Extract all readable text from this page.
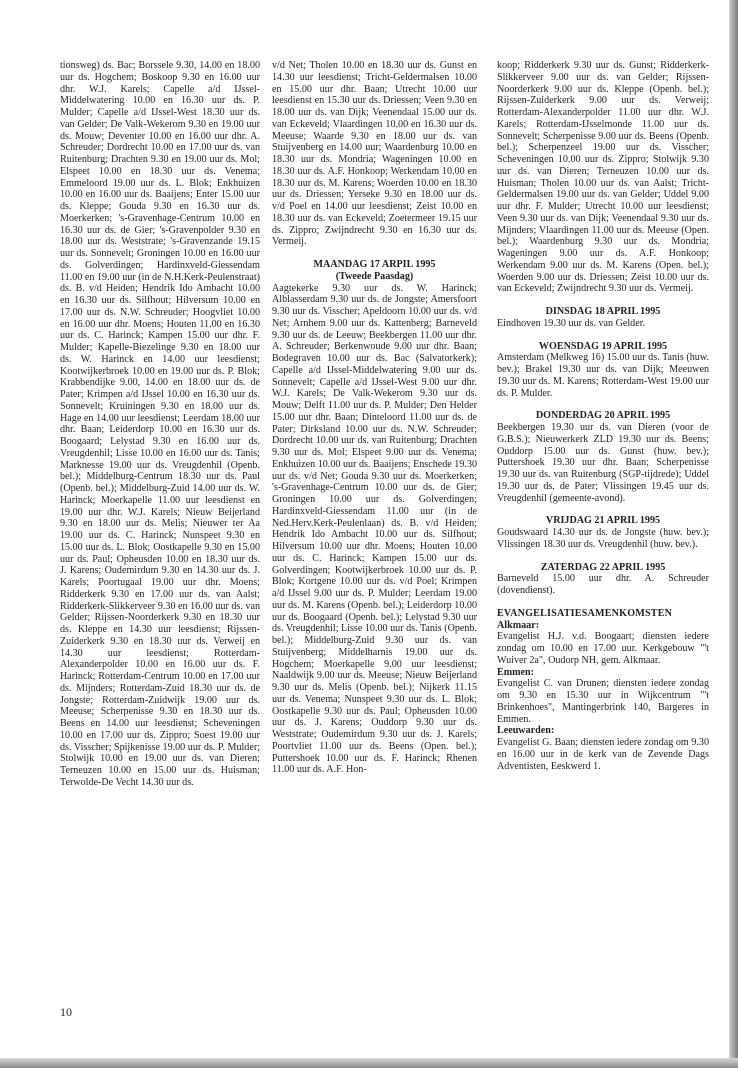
tionsweg) ds. Bac; Borssele 9.30, 14.00 en 18.00 uur ds. Hogchem; Boskoop 9.30 en 16.00 uur dhr. W.J. Karels; Capelle a/d IJssel-Middelwatering 10.00 en 16.30 uur ds. P. Mulder; Capelle a/d IJssel-West 18.30 uur ds. van Gelder; De Valk-Wekerom 9.30 en 19.00 uur ds. Mouw; Deventer 10.00 en 16.00 uur dhr. A. Schreuder; Dordrecht 10.00 en 17.00 uur ds. van Ruitenburg; Drachten 9.30 en 19.00 uur ds. Mol; Elspeet 10.00 en 18.30 uur ds. Venema; Emmeloord 19.00 uur ds. L. Blok; Enkhuizen 10.00 en 16.00 uur ds. Baaijens; Enter 15.00 uur ds. Kleppe; Gouda 9.30 en 16.30 uur ds. Moerkerken; 's-Gravenhage-Centrum 10.00 en 16.30 uur ds. de Gier; 's-Gravenpolder 9.30 en 18.00 uur ds. Weststrate; 's-Gravenzande 19.15 uur ds. Sonnevelt; Groningen 10.00 en 16.00 uur ds. Golverdingen; Hardinxveld-Giessendam 11.00 en 19.00 uur (in de N.H.Kerk-Peulenstraat) ds. B. v/d Heiden; Hendrik Ido Ambacht 10.00 en 16.30 uur ds. Silfhout; Hilversum 10.00 en 17.00 uur ds. N.W. Schreuder; Hoogvliet 10.00 en 16.00 uur dhr. Moens; Houten 11.00 en 16.30 uur ds. C. Harinck; Kampen 15.00 uur dhr. F. Mulder; Kapelle-Biezelinge 9.30 en 18.00 uur ds. W. Harinck en 14.00 uur leesdienst; Kootwijkerbroek 10.00 en 19.00 uur ds. P. Blok; Krabbendijke 9.00, 14.00 en 18.00 uur ds. de Pater; Krimpen a/d IJssel 10.00 en 16.30 uur ds. Sonnevelt; Kruiningen 9.30 en 18.00 uur ds. Hage en 14.00 uur leesdienst; Leerdam 18.00 uur dhr. Baan; Leiderdorp 10.00 en 16.30 uur ds. Boogaard; Lelystad 9.30 en 16.00 uur ds. Vreugdenhil; Lisse 10.00 en 16.00 uur ds. Tanis; Marknesse 19.00 uur ds. Vreugdenhil (Openb. bel.); Middelburg-Centrum 18.30 uur ds. Paul (Openb. bel.); Middelburg-Zuid 14.00 uur ds. W. Harinck; Moerkapelle 11.00 uur leesdienst en 19.00 uur dhr. W.J. Karels; Nieuw Beijerland 9.30 en 18.00 uur ds. Melis; Nieuwer ter Aa 19.00 uur ds. C. Harinck; Nunspeet 9.30 en 15.00 uur ds. L. Blok; Oostkapelle 9.30 en 15.00 uur ds. Paul; Opheusden 10.00 en 18.30 uur ds. J. Karens; Oudemirdum 9.30 en 14.30 uur ds. J. Karels; Poortugaal 19.00 uur dhr. Moens; Ridderkerk 9.30 en 17.00 uur ds. van Aalst; Ridderkerk-Slikkerveer 9.30 en 16.00 uur ds. van Gelder; Rijssen-Noorderkerk 9.30 en 18.30 uur ds. Kleppe en 14.30 uur leesdienst; Rijssen-Zuiderkerk 9.30 en 18.30 uur ds. Verweij en 14.30 uur leesdienst; Rotterdam-Alexanderpolder 10.00 en 16.00 uur ds. F. Harinck; Rotterdam-Centrum 10.00 en 17.00 uur ds. Mijnders; Rotterdam-Zuid 18.30 uur ds. de Jongste; Rotterdam-Zuidwijk 19.00 uur ds. Meeuse; Scherpenisse 9.30 en 18.30 uur ds. Beens en 14.00 uur leesdienst; Scheveningen 10.00 en 17.00 uur ds. Zippro; Soest 19.00 uur ds. Visscher; Spijkenisse 19.00 uur ds. P. Mulder; Stolwijk 10.00 en 19.00 uur ds. van Dieren; Terneuzen 10.00 en 15.00 uur ds. Huisman; Terwolde-De Vecht 14.30 uur ds.

v/d Net; Tholen 10.00 en 18.30 uur ds. Gunst en 14.30 uur leesdienst; Tricht-Geldermalsen 10.00 en 15.00 uur dhr. Baan; Utrecht 10.00 uur leesdienst en 15.30 uur ds. Driessen; Veen 9.30 en 18.00 uur ds. van Dijk; Veenendaal 15.00 uur ds. van Eckeveld; Vlaardingen 10.00 en 16.30 uur ds. Meeuse; Waarde 9.30 en 18.00 uur ds. van Stuijvenberg en 14.00 uur; Waardenburg 10.00 en 18.30 uur ds. Mondria; Wageningen 10.00 en 18.30 uur ds. A.F. Honkoop; Werkendam 10.00 en 18.30 uur ds. M. Karens; Woerden 10.00 en 18.30 uur ds. Driessen; Yerseke 9.30 en 18.00 uur ds. v/d Poel en 14.00 uur leesdienst; Zeist 10.00 en 18.30 uur ds. van Eckeveld; Zoetermeer 19.15 uur ds. Zippro; Zwijndrecht 9.30 en 16.30 uur ds. Vermeij.

MAANDAG 17 ARPIL 1995

(Tweede Paasdag)

Aagtekerke 9.30 uur ds. W. Harinck; Alblasserdam 9.30 uur ds. de Jongste; Amersfoort 9.30 uur ds. Visscher; Apeldoorn 10.00 uur ds. v/d Net; Arnhem 9.00 uur ds. Kattenberg; Barneveld 9.30 uur ds. de Leeuw; Beekbergen 11.00 uur dhr. A. Schreuder; Berkenwoude 9.00 uur dhr. Baan; Bodegraven 10.00 uur ds. Bac (Salvatorkerk); Capelle a/d IJssel-Middelwatering 9.00 uur ds. Sonnevelt; Capelle a/d IJssel-West 9.00 uur dhr. W.J. Karels; De Valk-Wekerom 9.30 uur ds. Mouw; Delft 11.00 uur ds. P. Mulder; Den Helder 15.00 uur dhr. Baan; Dinteloord 11.00 uur ds. de Pater; Dirksland 10.00 uur ds. N.W. Schreuder; Dordrecht 10.00 uur ds. van Ruitenburg; Drachten 9.30 uur ds. Mol; Elspeet 9.00 uur ds. Venema; Enkhuizen 10.00 uur ds. Baaijens; Enschede 19.30 uur ds. v/d Net; Gouda 9.30 uur ds. Moerkerken; 's-Gravenhage-Centrum 10.00 uur ds. de Gier; Groningen 10.00 uur ds. Golverdingen; Hardinxveld-Giessendam 11.00 uur (in de Ned.Herv.Kerk-Peulenlaan) ds. B. v/d Heiden; Hendrik Ido Ambacht 10.00 uur ds. Silfhout; Hilversum 10.00 uur dhr. Moens; Houten 10.00 uur ds. C. Harinck; Kampen 15.00 uur ds. Golverdingen; Kootwijkerbroek 10.00 uur ds. P. Blok; Kortgene 10.00 uur ds. v/d Poel; Krimpen a/d IJssel 9.00 uur ds. P. Mulder; Leerdam 19.00 uur ds. M. Karens (Openb. bel.); Leiderdorp 10.00 uur ds. Boogaard (Openb. bel.); Lelystad 9.30 uur ds. Vreugdenhil; Lisse 10.00 uur ds. Tanis (Openb. bel.); Middelburg-Zuid 9.30 uur ds. van Stuijvenberg; Middelharnis 19.00 uur ds. Hogchem; Moerkapelle 9.00 uur leesdienst; Naaldwijk 9.00 uur ds. Meeuse; Nieuw Beijerland 9.30 uur ds. Melis (Openb. bel.); Nijkerk 11.15 uur ds. Venema; Nunspeet 9.30 uur ds. L. Blok; Oostkapelle 9.30 uur ds. Paul; Opheusden 10.00 uur ds. J. Karens; Ouddorp 9.30 uur ds. Weststrate; Oudemirdum 9.30 uur ds. J. Karels; Poortvliet 11.00 uur ds. Beens (Open. bel.); Puttershoek 10.00 uur ds. F. Harinck; Rhenen 11.00 uur ds. A.F. Hon-

koop; Ridderkerk 9.30 uur ds. Gunst; Ridderkerk-Slikkerveer 9.00 uur ds. van Gelder; Rijssen-Noorderkerk 9.00 uur ds. Kleppe (Openb. bel.); Rijssen-Zuiderkerk 9.00 uur ds. Verweij; Rotterdam-Alexanderpolder 11.00 uur dhr. W.J. Karels; Rotterdam-IJsselmonde 11.00 uur ds. Sonnevelt; Scherpenisse 9.00 uur ds. Beens (Openb. bel.); Scherpenzeel 19.00 uur ds. Visscher; Scheveningen 10.00 uur ds. Zippro; Stolwijk 9.30 uur ds. van Dieren; Terneuzen 10.00 uur ds. Huisman; Tholen 10.00 uur ds. van Aalst; Tricht-Geldermalsen 19.00 uur ds. van Gelder; Uddel 9.00 uur dhr. F. Mulder; Utrecht 10.00 uur leesdienst; Veen 9.30 uur ds. van Dijk; Veenendaal 9.30 uur ds. Mijnders; Vlaardingen 11.00 uur ds. Meeuse (Open. bel.); Waardenburg 9.30 uur ds. Mondria; Wageningen 9.00 uur ds. A.F. Honkoop; Werkendam 9.00 uur ds. M. Karens (Open. bel.); Woerden 9.00 uur ds. Driessen; Zeist 10.00 uur ds. van Eckeveld; Zwijndrecht 9.30 uur ds. Vermeij.

DINSDAG 18 APRIL 1995

Eindhoven 19.30 uur ds. van Gelder.

WOENSDAG 19 APRIL 1995

Amsterdam (Melkweg 16) 15.00 uur ds. Tanis (huw. bev.); Brakel 19.30 uur ds. van Dijk; Meeuwen 19.30 uur ds. M. Karens; Rotterdam-West 19.00 uur ds. P. Mulder.

DONDERDAG 20 APRIL 1995

Beekbergen 19.30 uur ds. van Dieren (voor de G.B.S.); Nieuwerkerk ZLD 19.30 uur ds. Beens; Ouddorp 15.00 uur ds. Gunst (huw. bev.); Puttershoek 19.30 uur dhr. Baan; Scherpenisse 19.30 uur ds. van Ruitenburg (SGP-tijdrede); Uddel 19.30 uur ds. de Pater; Vlissingen 19.45 uur ds. Vreugdenhil (gemeente-avond).

VRIJDAG 21 APRIL 1995

Goudswaard 14.30 uur ds. de Jongste (huw. bev.); Vlissingen 18.30 uur ds. Vreugdenhil (huw. bev.).

ZATERDAG 22 APRIL 1995

Barneveld 15.00 uur dhr. A. Schreuder (dovendienst).

EVANGELISATIESAMENKOMSTEN

Alkmaar:

Evangelist H.J. v.d. Boogaart; diensten iedere zondag om 10.00 en 17.00 uur. Kerkgebouw "'t Wuiver 2a", Oudorp NH, gem. Alkmaar.

Emmen:

Evangelist C. van Drunen; diensten iedere zondag om 9.30 en 15.30 uur in Wijkcentrum "'t Brinkenhoes", Mantingerbrink 140, Bargeres in Emmen.

Leeuwarden:

Evangelist G. Baan; diensten iedere zondag om 9.30 en 16.00 uur in de kerk van de Zevende Dags Adventisten, Eeskwerd 1.

10
